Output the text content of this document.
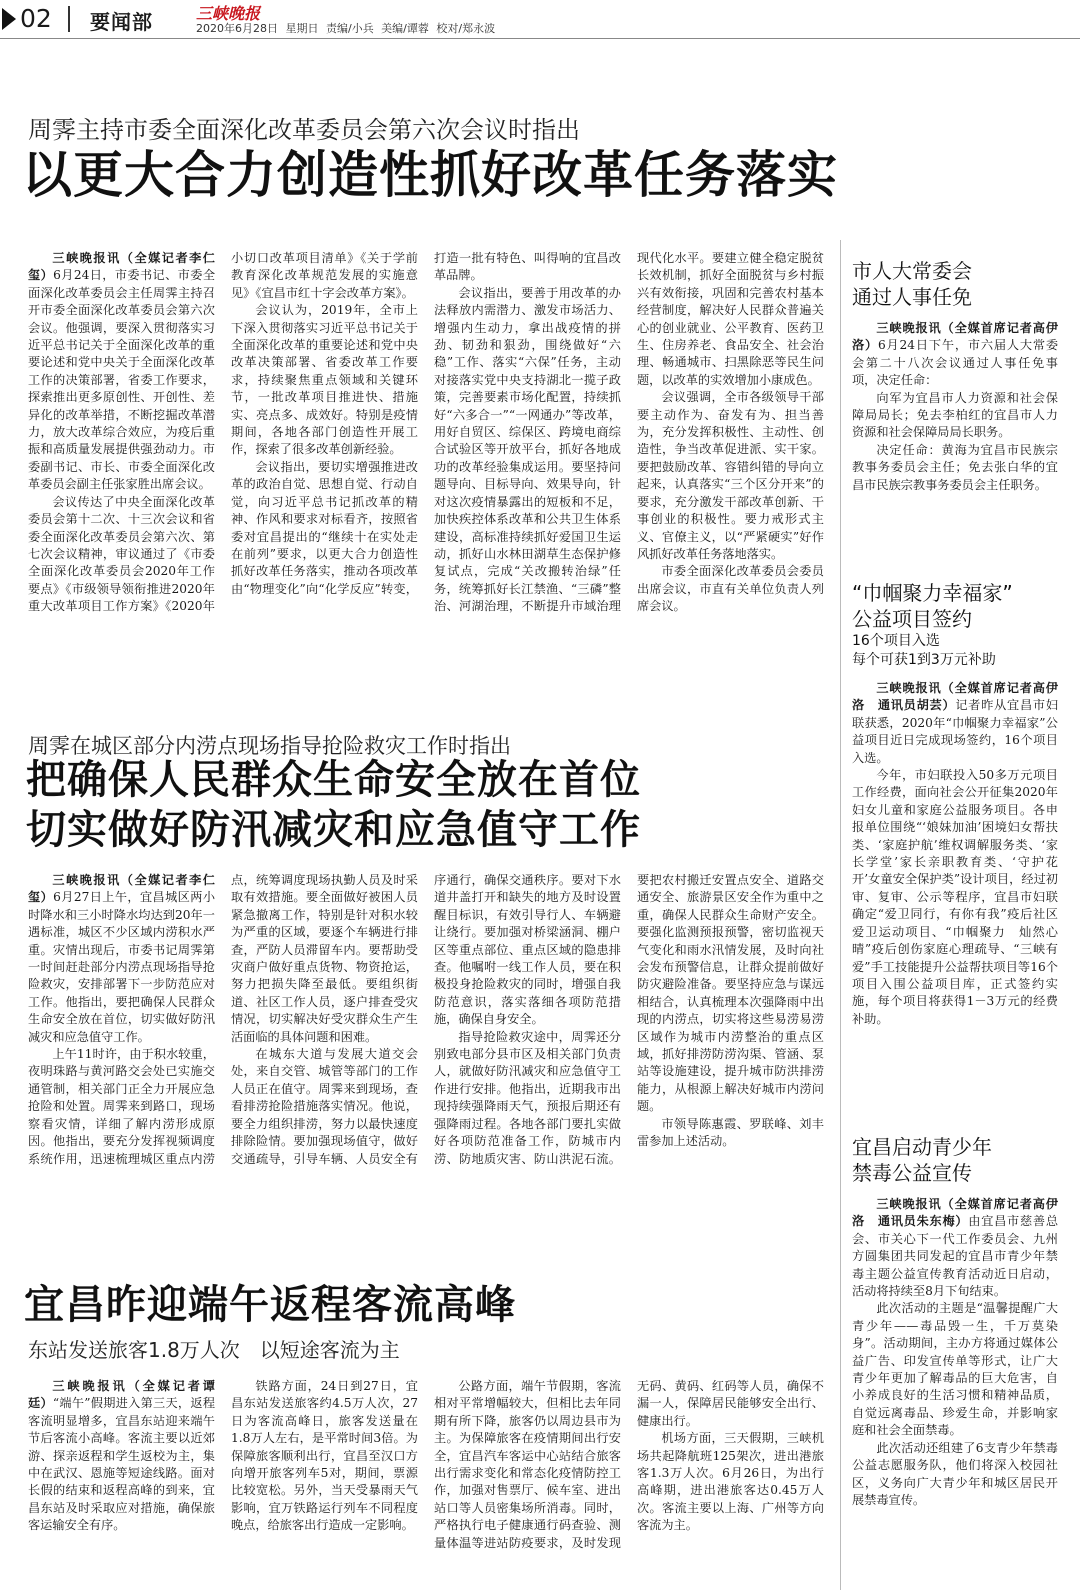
02 要闻部	三峡晚报
2020年6月28日 星期日 责编/小兵 美编/谭蓉 校对/郑永波
周霁主持市委全面深化改革委员会第六次会议时指出
以更大合力创造性抓好改革任务落实

三峡晚报讯（全媒记者李仁玺）6月24日，市委书记、市委全面深化改革委员会主任周霁主持召开市委全面深化改革委员会第六次会议。他强调，要深入贯彻落实习近平总书记关于全面深化改革的重要论述和党中央关于全面深化改革工作的决策部署，省委工作要求，探索推出更多原创性、开创性、差异化的改革举措，不断挖掘改革潜力，放大改革综合效应，为疫后重振和高质量发展提供强劲动力。市委副书记、市长、市委全面深化改革委员会副主任张家胜出席会议。

会议传达了中央全面深化改革委员会第十二次、十三次会议和省委全面深化改革委员会第六次、第七次会议精神，审议通过了《市委全面深化改革委员会2020年工作要点》《市级领导领衔推进2020年重大改革项目工作方案》《2020年小切口改革项目清单》《关于学前教育深化改革规范发展的实施意见》《宜昌市红十字会改革方案》。

会议认为，2019年，全市上下深入贯彻落实习近平总书记关于全面深化改革的重要论述和党中央改革决策部署、省委改革工作要求，持续聚焦重点领域和关键环节，一批改革项目推进快、措施实、亮点多、成效好。特别是疫情期间，各地各部门创造性开展工作，探索了很多改革创新经验。

会议指出，要切实增强推进改革的政治自觉、思想自觉、行动自觉，向习近平总书记抓改革的精神、作风和要求对标看齐，按照省委对宜昌提出的“继续十在实处走在前列”要求，以更大合力创造性抓好改革任务落实，推动各项改革由“物理变化”向“化学反应”转变，打造一批有特色、叫得响的宜昌改革品牌。

会议指出，要善于用改革的办法释放内需潜力、激发市场活力、增强内生动力，拿出战疫情的拼劲、韧劲和狠劲，围绕做好“六稳”工作、落实“六保”任务，主动对接落实党中央支持湖北一揽子政策，完善要素市场化配置，持续抓好“六多合一”“一网通办”等改革，用好自贸区、综保区、跨境电商综合试验区等开放平台，抓好各地成功的改革经验集成运用。要坚持问题导向、目标导向、效果导向，针对这次疫情暴露出的短板和不足，加快疾控体系改革和公共卫生体系建设，高标准持续抓好爱国卫生运动，抓好山水林田湖草生态保护修复试点，完成“关改搬转治绿”任务，统筹抓好长江禁渔、“三磷”整治、河湖治理，不断提升市域治理现代化水平。要建立健全稳定脱贫长效机制，抓好全面脱贫与乡村振兴有效衔接，巩固和完善农村基本经营制度，解决好人民群众普遍关心的创业就业、公平教育、医药卫生、住房养老、食品安全、社会治理、畅通城市、扫黑除恶等民生问题，以改革的实效增加小康成色。

会议强调，全市各级领导干部要主动作为、奋发有为、担当善为，充分发挥积极性、主动性、创造性，争当改革促进派、实干家。要把鼓励改革、容错纠错的导向立起来，认真落实“三个区分开来”的要求，充分激发干部改革创新、干事创业的积极性。要力戒形式主义、官僚主义，以“严紧硬实”好作风抓好改革任务落地落实。

市委全面深化改革委员会委员出席会议，市直有关单位负责人列席会议。

周霁在城区部分内涝点现场指导抢险救灾工作时指出
把确保人民群众生命安全放在首位
切实做好防汛减灾和应急值守工作

三峡晚报讯（全媒记者李仁玺）6月27日上午，宜昌城区两小时降水和三小时降水均达到20年一遇标准，城区不少区域内涝积水严重。灾情出现后，市委书记周霁第一时间赶赴部分内涝点现场指导抢险救灾，安排部署下一步防范应对工作。他指出，要把确保人民群众生命安全放在首位，切实做好防汛减灾和应急值守工作。

上午11时许，由于积水较重，夜明珠路与黄河路交会处已实施交通管制，相关部门正全力开展应急抢险和处置。周霁来到路口，现场察看灾情，详细了解内涝形成原因。他指出，要充分发挥视频调度系统作用，迅速梳理城区重点内涝点，统筹调度现场执勤人员及时采取有效措施。要全面做好被困人员紧急撤离工作，特别是针对积水较为严重的区域，要逐个车辆进行排查，严防人员滞留车内。要帮助受灾商户做好重点货物、物资抢运，努力把损失降至最低。要组织街道、社区工作人员，逐户排查受灾情况，切实解决好受灾群众生产生活面临的具体问题和困难。

在城东大道与发展大道交会处，来自交管、城管等部门的工作人员正在值守。周霁来到现场，查看排涝抢险措施落实情况。他说，要全力组织排涝，努力以最快速度排除险情。要加强现场值守，做好交通疏导，引导车辆、人员安全有序通行，确保交通秩序。要对下水道井盖打开和缺失的地方及时设置醒目标识，有效引导行人、车辆避让绕行。要加强对桥梁涵洞、棚户区等重点部位、重点区域的隐患排查。他嘱咐一线工作人员，要在积极投身抢险救灾的同时，增强自我防范意识，落实落细各项防范措施，确保自身安全。

指导抢险救灾途中，周霁还分别致电部分县市区及相关部门负责人，就做好防汛减灾和应急值守工作进行安排。他指出，近期我市出现持续强降雨天气，预报后期还有强降雨过程。各地各部门要扎实做好各项防范准备工作，防城市内涝、防地质灾害、防山洪泥石流。要把农村搬迁安置点安全、道路交通安全、旅游景区安全作为重中之重，确保人民群众生命财产安全。要强化监测预报预警，密切监视天气变化和雨水汛情发展，及时向社会发布预警信息，让群众提前做好防灾避险准备。要坚持应急与谋远相结合，认真梳理本次强降雨中出现的内涝点，切实将这些易涝易涝区域作为城市内涝整治的重点区域，抓好排涝防涝沟渠、管涵、泵站等设施建设，提升城市防洪排涝能力，从根源上解决好城市内涝问题。

市领导陈惠霞、罗联峰、刘丰雷参加上述活动。

宜昌昨迎端午返程客流高峰
东站发送旅客1.8万人次　以短途客流为主

三峡晚报讯（全媒记者谭廷）“端午”假期进入第三天，返程客流明显增多，宜昌东站迎来端午节后客流小高峰。客流主要以近郊游、探亲返程和学生返校为主，集中在武汉、恩施等短途线路。面对长假的结束和返程高峰的到来，宜昌东站及时采取应对措施，确保旅客运输安全有序。

铁路方面，24日到27日，宜昌东站发送旅客约4.5万人次，27日为客流高峰日，旅客发送量在1.8万人左右，是平常时间3倍。为保障旅客顺利出行，宜昌至汉口方向增开旅客列车5对，期间，票源比较宽松。另外，当天受暴雨天气影响，宜万铁路运行列车不同程度晚点，给旅客出行造成一定影响。

公路方面，端午节假期，客流相对平常增幅较大，但相比去年同期有所下降，旅客仍以周边县市为主。为保障旅客在疫情期间出行安全，宜昌汽车客运中心站结合旅客出行需求变化和常态化疫情防控工作，加强对售票厅、候车室、进出站口等人员密集场所消毒。同时，严格执行电子健康通行码查验、测量体温等进站防疫要求，及时发现无码、黄码、红码等人员，确保不漏一人，保障居民能够安全出行、健康出行。

机场方面，三天假期，三峡机场共起降航班125架次，进出港旅客1.3万人次。6月26日，为出行高峰期，进出港旅客达0.45万人次。客流主要以上海、广州等方向客流为主。

市人大常委会
通过人事任免

三峡晚报讯（全媒首席记者高伊洛）6月24日下午，市六届人大常委会第二十八次会议通过人事任免事项，决定任命：

向军为宜昌市人力资源和社会保障局局长；免去李柏红的宜昌市人力资源和社会保障局局长职务。

决定任命：黄海为宜昌市民族宗教事务委员会主任；免去张白华的宜昌市民族宗教事务委员会主任职务。

“巾帼聚力幸福家”
公益项目签约
16个项目入选
每个可获1到3万元补助

三峡晚报讯（全媒首席记者高伊洛　通讯员胡芸）记者昨从宜昌市妇联获悉，2020年“巾帼聚力幸福家”公益项目近日完成现场签约，16个项目入选。

今年，市妇联投入50多万元项目工作经费，面向社会公开征集2020年妇女儿童和家庭公益服务项目。各申报单位围绕“‘娘妹加油’困境妇女帮扶类、‘家庭护航’维权调解服务类、‘家长学堂’家长亲职教育类、‘守护花开’女童安全保护类”设计项目，经过初审、复审、公示等程序，宜昌市妇联确定“爱卫同行，有你有我”疫后社区爱卫运动项目、“巾帼聚力　灿然心晴”疫后创伤家庭心理疏导、“三峡有爱”手工技能提升公益帮扶项目等16个项目入围公益项目库，正式签约实施，每个项目将获得1－3万元的经费补助。

宜昌启动青少年
禁毒公益宣传

三峡晚报讯（全媒首席记者高伊洛　通讯员朱东梅）由宜昌市慈善总会、市关心下一代工作委员会、九州方圆集团共同发起的宜昌市青少年禁毒主题公益宣传教育活动近日启动，活动将持续至8月下旬结束。

此次活动的主题是“温馨提醒广大青少年——毒品毁一生，千万莫染身”。活动期间，主办方将通过媒体公益广告、印发宣传单等形式，让广大青少年更加了解毒品的巨大危害，自小养成良好的生活习惯和精神品质，自觉远离毒品、珍爱生命，并影响家庭和社会全面禁毒。

此次活动还组建了6支青少年禁毒公益志愿服务队，他们将深入校园社区，义务向广大青少年和城区居民开展禁毒宣传。
